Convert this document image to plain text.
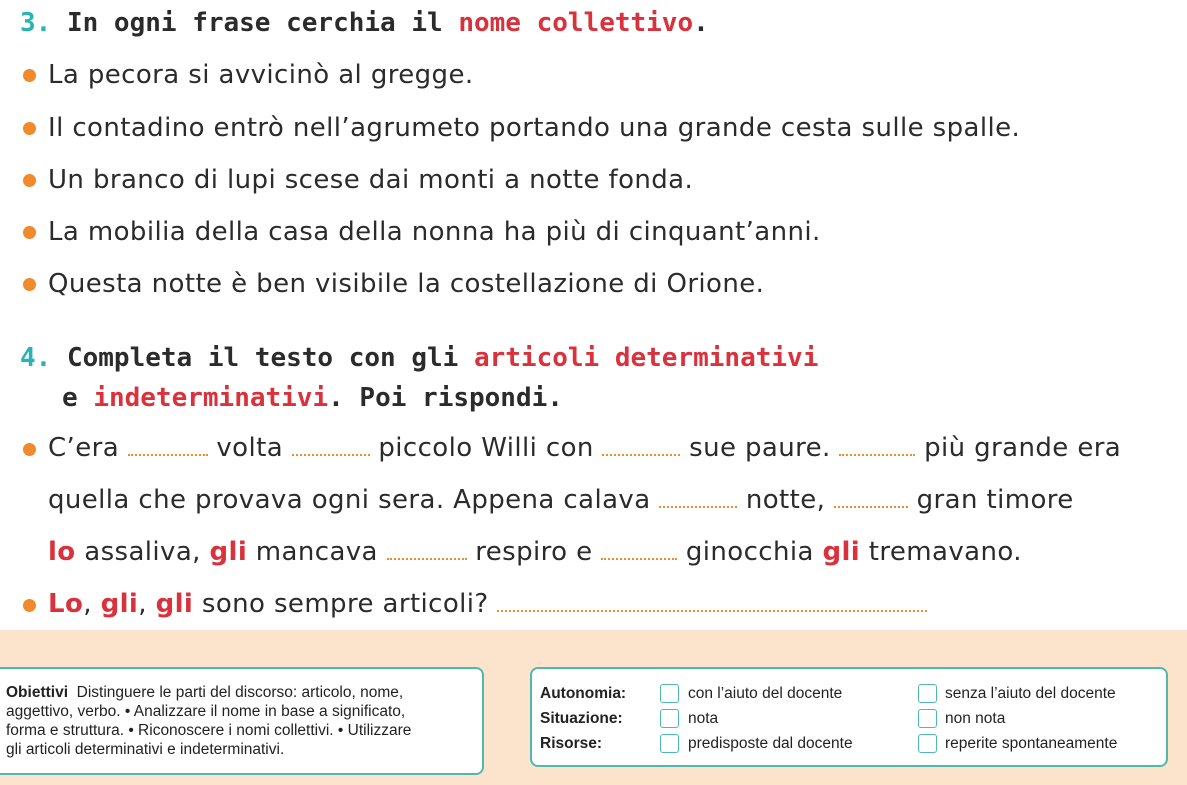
3. In ogni frase cerchia il nome collettivo.
La pecora si avvicinò al gregge.
Il contadino entrò nell’agrumeto portando una grande cesta sulle spalle.
Un branco di lupi scese dai monti a notte fonda.
La mobilia della casa della nonna ha più di cinquant’anni.
Questa notte è ben visibile la costellazione di Orione.
4. Completa il testo con gli articoli determinativi
e indeterminativi. Poi rispondi.
C’era	volta	piccolo Willi con	sue paure.	più grande era
quella che provava ogni sera. Appena calava	notte,	gran timore
lo assaliva, gli mancava	respiro e	ginocchia gli tremavano.
Lo, gli, gli sono sempre articoli?
Obiettivi Distinguere le parti del discorso: articolo, nome,
aggettivo, verbo. • Analizzare il nome in base a significato,
forma e struttura. • Riconoscere i nomi collettivi. • Utilizzare
gli articoli determinativi e indeterminativi.
Autonomia:	con l’aiuto del docente	senza l’aiuto del docente
Situazione:	nota	non nota
Risorse:	predisposte dal docente	reperite spontaneamente
